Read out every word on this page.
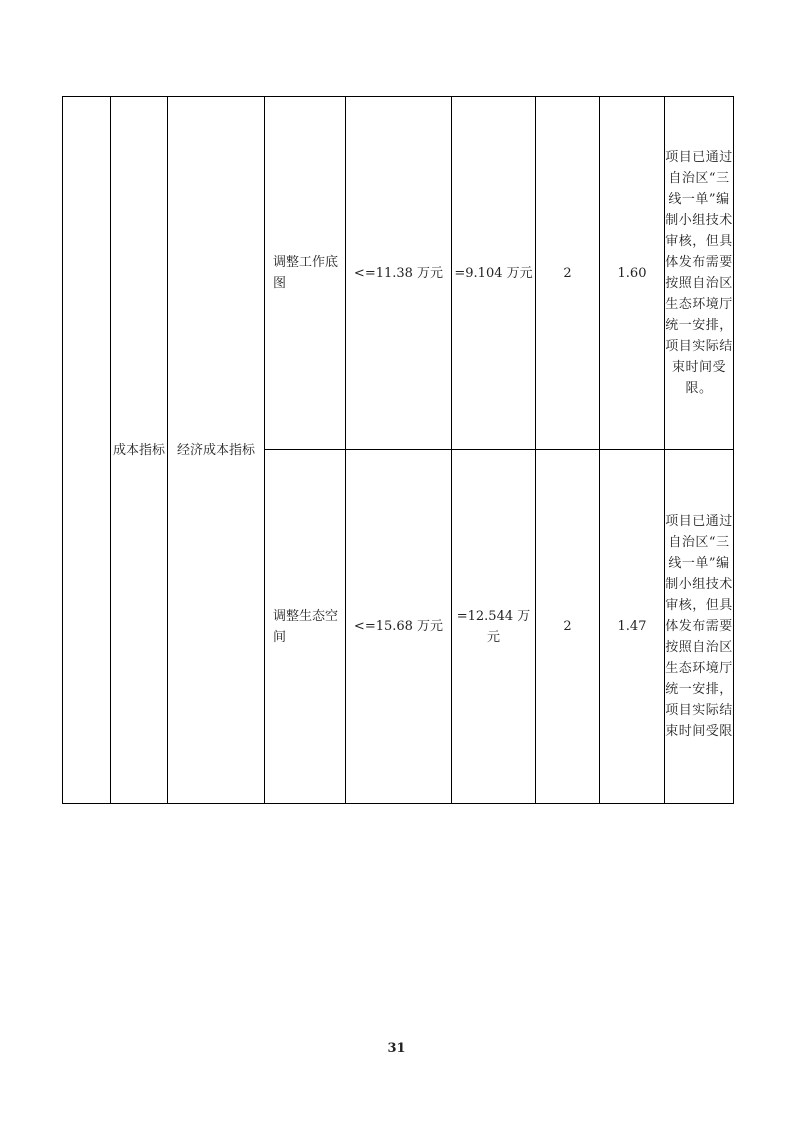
	成本指标	经济成本指标	调整工作底图	<=11.38 万元	=9.104 万元	2	1.60	项目已通过自治区“三线一单”编制小组技术审核，但具体发布需要按照自治区生态环境厅统一安排，项目实际结束时间受限。
			调整生态空间	<=15.68 万元	=12.544 万元	2	1.47	项目已通过自治区“三线一单”编制小组技术审核，但具体发布需要按照自治区生态环境厅统一安排，项目实际结束时间受限
31
